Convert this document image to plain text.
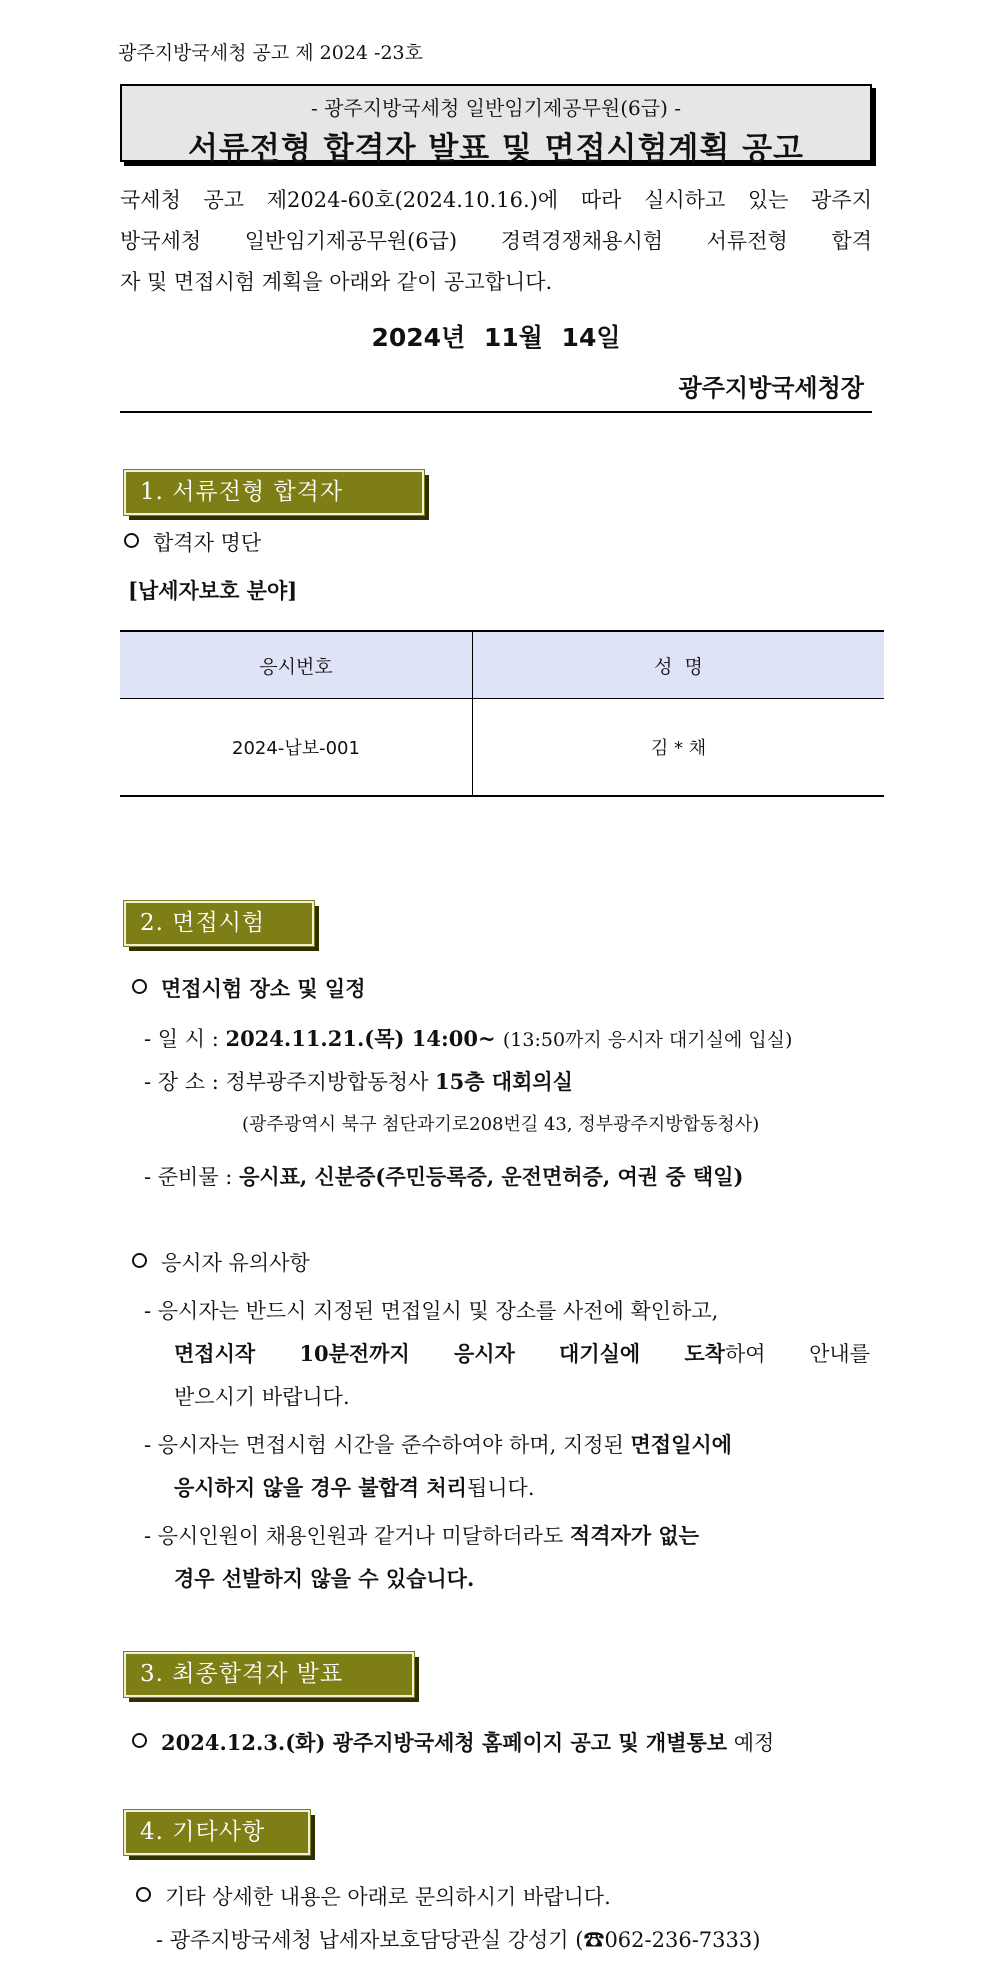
광주지방국세청 공고 제 2024 -23호
- 광주지방국세청 일반임기제공무원(6급) -
서류전형 합격자 발표 및 면접시험계획 공고
국세청 공고 제2024-60호(2024.10.16.)에 따라 실시하고 있는 광주지
방국세청 일반임기제공무원(6급) 경력경쟁채용시험 서류전형 합격
자 및 면접시험 계획을 아래와 같이 공고합니다.
2024년 11월 14일
광주지방국세청장
1. 서류전형 합격자
합격자 명단
[납세자보호 분야]
응시번호	성  명
2024-납보-001	김 * 채
2. 면접시험
면접시험 장소 및 일정
- 일 시 : 2024.11.21.(목) 14:00~ (13:50까지 응시자 대기실에 입실)
- 장 소 : 정부광주지방합동청사 15층 대회의실
(광주광역시 북구 첨단과기로208번길 43, 정부광주지방합동청사)
- 준비물 : 응시표, 신분증(주민등록증, 운전면허증, 여권 중 택일)
응시자 유의사항
- 응시자는 반드시 지정된 면접일시 및 장소를 사전에 확인하고,
면접시작 10분전까지 응시자 대기실에 도착하여 안내를
받으시기 바랍니다.
- 응시자는 면접시험 시간을 준수하여야 하며, 지정된 면접일시에
응시하지 않을 경우 불합격 처리됩니다.
- 응시인원이 채용인원과 같거나 미달하더라도 적격자가 없는
경우 선발하지 않을 수 있습니다.
3. 최종합격자 발표
2024.12.3.(화) 광주지방국세청 홈페이지 공고 및 개별통보 예정
4. 기타사항
기타 상세한 내용은 아래로 문의하시기 바랍니다.
- 광주지방국세청 납세자보호담당관실 강성기 (☎062-236-7333)
